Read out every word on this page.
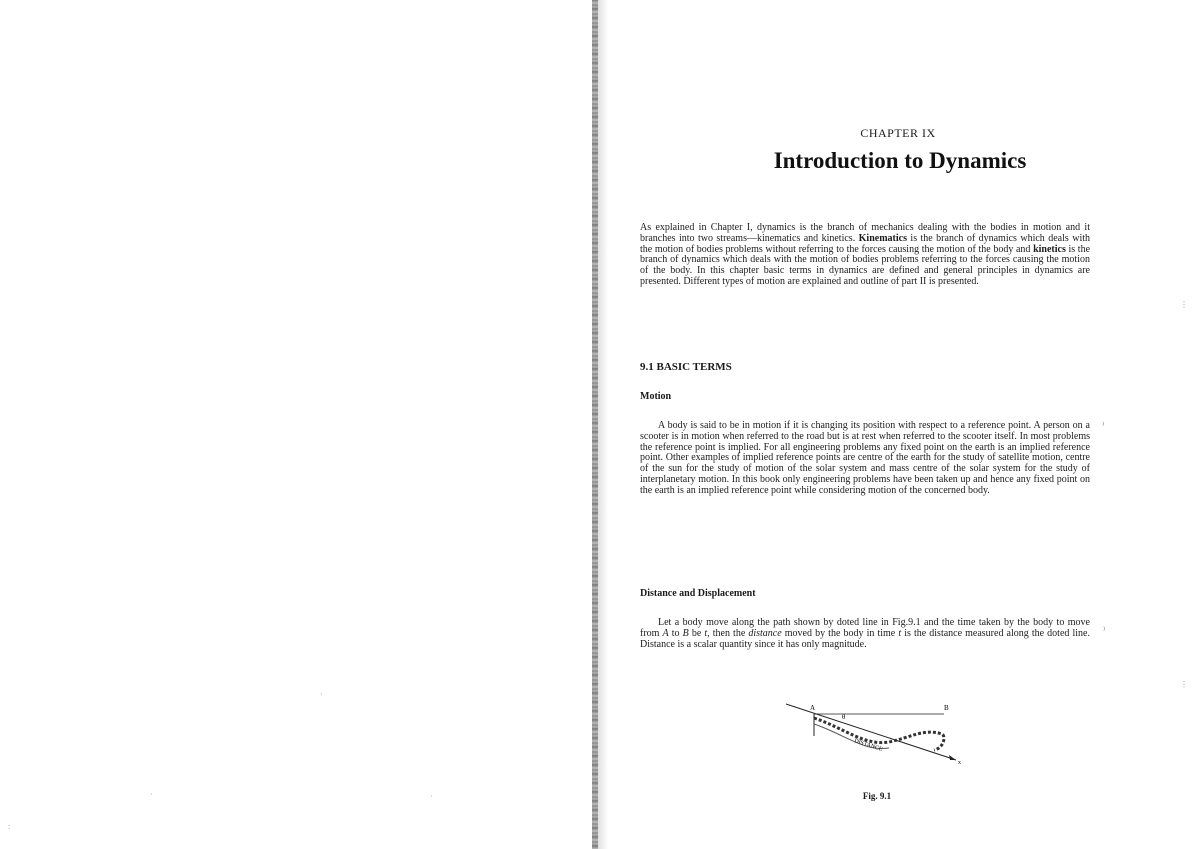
:
·
·
·
CHAPTER IX
Introduction to Dynamics
As explained in Chapter I, dynamics is the branch of mechanics dealing with the bodies in motion and it branches into two streams—kinematics and kinetics. Kinematics is the branch of dynamics which deals with the motion of bodies problems without referring to the forces causing the motion of the body and kinetics is the branch of dynamics which deals with the motion of bodies problems referring to the forces causing the motion of the body. In this chapter basic terms in dynamics are defined and general principles in dynamics are presented. Different types of motion are explained and outline of part II is presented.
9.1 BASIC TERMS
Motion
A body is said to be in motion if it is changing its position with respect to a reference point. A person on a scooter is in motion when referred to the road but is at rest when referred to the scooter itself. In most problems the reference point is implied. For all engineering problems any fixed point on the earth is an implied reference point. Other examples of implied reference points are centre of the earth for the study of satellite motion, centre of the sun for the study of motion of the solar system and mass centre of the solar system for the study of interplanetary motion. In this book only engineering problems have been taken up and hence any fixed point on the earth is an implied reference point while considering motion of the concerned body.
Distance and Displacement
Let a body move along the path shown by doted line in Fig.9.1 and the time taken by the body to move from A to B be t, then the distance moved by the body in time t is the distance measured along the doted line. Distance is a scalar quantity since it has only magnitude.
A	B
θ
DISTANCE
x
Fig. 9.1
⁾
⁾
⋮
⋮
